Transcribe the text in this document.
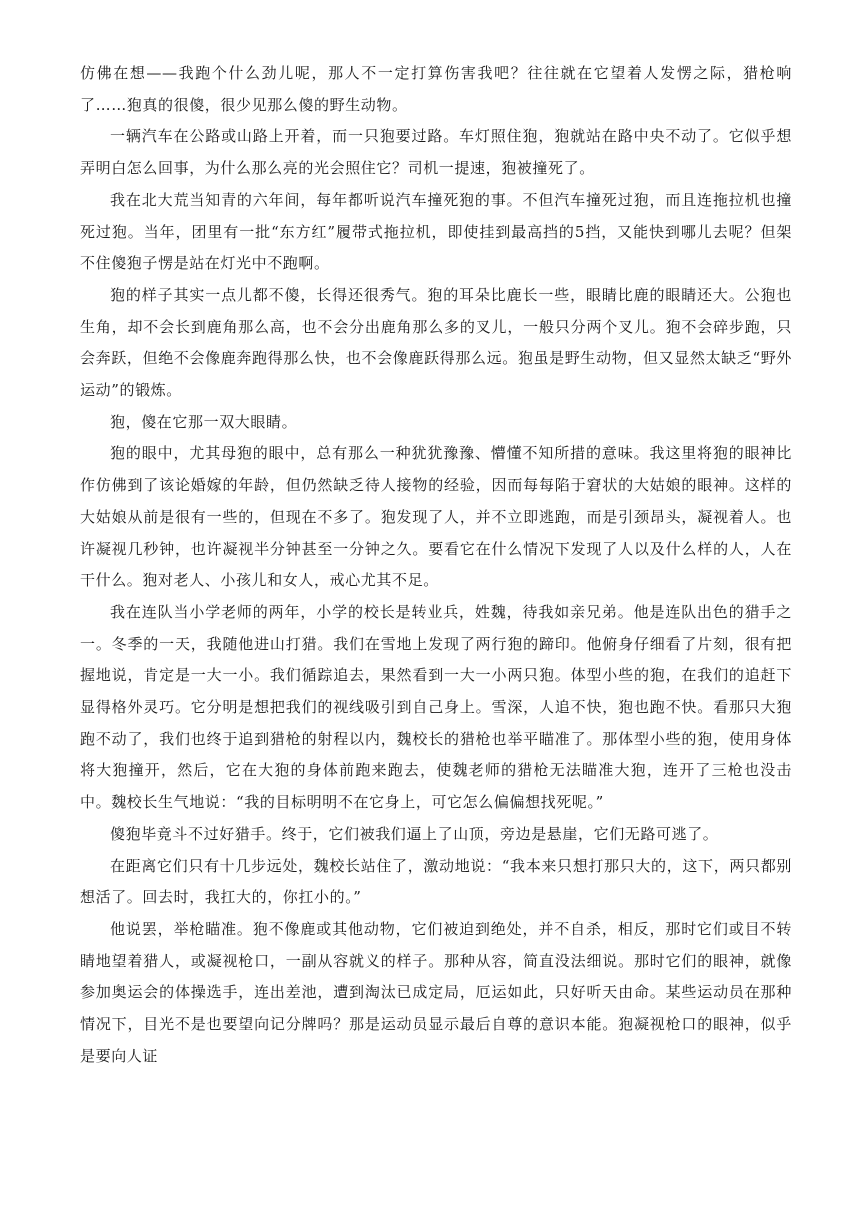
仿佛在想——我跑个什么劲儿呢，那人不一定打算伤害我吧？往往就在它望着人发愣之际，猎枪响了……狍真的很傻，很少见那么傻的野生动物。

一辆汽车在公路或山路上开着，而一只狍要过路。车灯照住狍，狍就站在路中央不动了。它似乎想弄明白怎么回事，为什么那么亮的光会照住它？司机一提速，狍被撞死了。

我在北大荒当知青的六年间，每年都听说汽车撞死狍的事。不但汽车撞死过狍，而且连拖拉机也撞死过狍。当年，团里有一批“东方红”履带式拖拉机，即使挂到最高挡的5挡，又能快到哪儿去呢？但架不住傻狍子愣是站在灯光中不跑啊。

狍的样子其实一点儿都不傻，长得还很秀气。狍的耳朵比鹿长一些，眼睛比鹿的眼睛还大。公狍也生角，却不会长到鹿角那么高，也不会分出鹿角那么多的叉儿，一般只分两个叉儿。狍不会碎步跑，只会奔跃，但绝不会像鹿奔跑得那么快，也不会像鹿跃得那么远。狍虽是野生动物，但又显然太缺乏“野外运动”的锻炼。

狍，傻在它那一双大眼睛。

狍的眼中，尤其母狍的眼中，总有那么一种犹犹豫豫、懵懂不知所措的意味。我这里将狍的眼神比作仿佛到了该论婚嫁的年龄，但仍然缺乏待人接物的经验，因而每每陷于窘状的大姑娘的眼神。这样的大姑娘从前是很有一些的，但现在不多了。狍发现了人，并不立即逃跑，而是引颈昂头，凝视着人。也许凝视几秒钟，也许凝视半分钟甚至一分钟之久。要看它在什么情况下发现了人以及什么样的人，人在干什么。狍对老人、小孩儿和女人，戒心尤其不足。

我在连队当小学老师的两年，小学的校长是转业兵，姓魏，待我如亲兄弟。他是连队出色的猎手之一。冬季的一天，我随他进山打猎。我们在雪地上发现了两行狍的蹄印。他俯身仔细看了片刻，很有把握地说，肯定是一大一小。我们循踪追去，果然看到一大一小两只狍。体型小些的狍，在我们的追赶下显得格外灵巧。它分明是想把我们的视线吸引到自己身上。雪深，人追不快，狍也跑不快。看那只大狍跑不动了，我们也终于追到猎枪的射程以内，魏校长的猎枪也举平瞄准了。那体型小些的狍，使用身体将大狍撞开，然后，它在大狍的身体前跑来跑去，使魏老师的猎枪无法瞄准大狍，连开了三枪也没击中。魏校长生气地说：“我的目标明明不在它身上，可它怎么偏偏想找死呢。”

傻狍毕竟斗不过好猎手。终于，它们被我们逼上了山顶，旁边是悬崖，它们无路可逃了。

在距离它们只有十几步远处，魏校长站住了，激动地说：“我本来只想打那只大的，这下，两只都别想活了。回去时，我扛大的，你扛小的。”

他说罢，举枪瞄准。狍不像鹿或其他动物，它们被迫到绝处，并不自杀，相反，那时它们或目不转睛地望着猎人，或凝视枪口，一副从容就义的样子。那种从容，简直没法细说。那时它们的眼神，就像参加奥运会的体操选手，连出差池，遭到淘汰已成定局，厄运如此，只好听天由命。某些运动员在那种情况下，目光不是也要望向记分牌吗？那是运动员显示最后自尊的意识本能。狍凝视枪口的眼神，似乎是要向人证
